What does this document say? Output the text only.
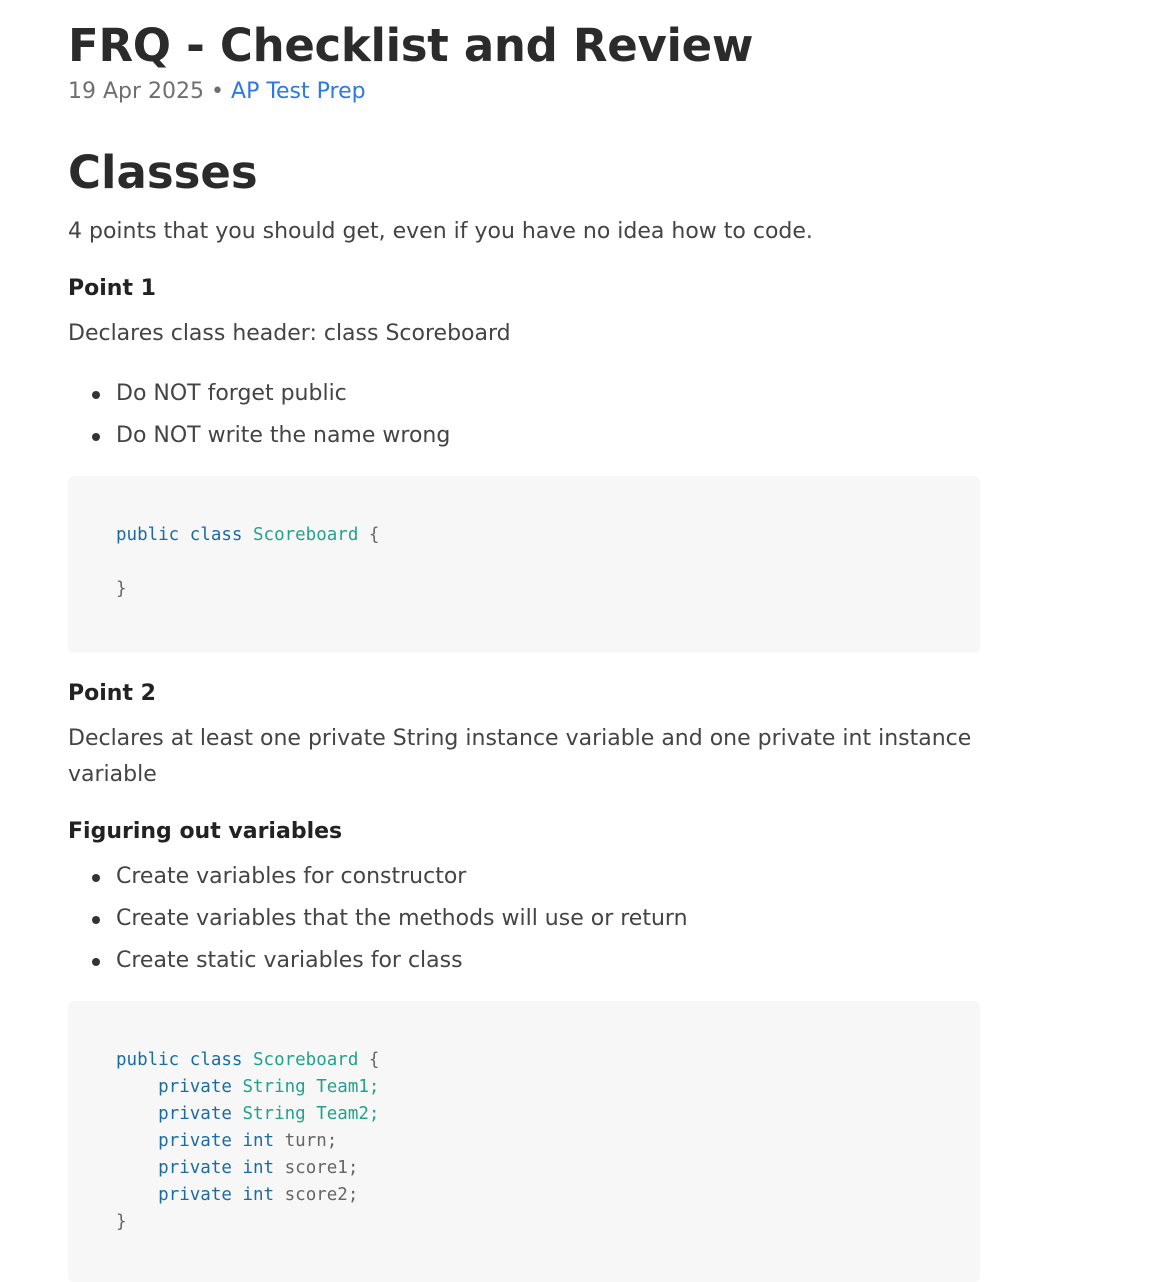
FRQ - Checklist and Review
19 Apr 2025 • AP Test Prep
Classes

4 points that you should get, even if you have no idea how to code.

Point 1

Declares class header: class Scoreboard

Do NOT forget public
Do NOT write the name wrong
public class Scoreboard {

}
Point 2

Declares at least one private String instance variable and one private int instance

variable

Figuring out variables
Create variables for constructor
Create variables that the methods will use or return
Create static variables for class
public class Scoreboard {
private String Team1;
private String Team2;
private int turn;
private int score1;
private int score2;
}
